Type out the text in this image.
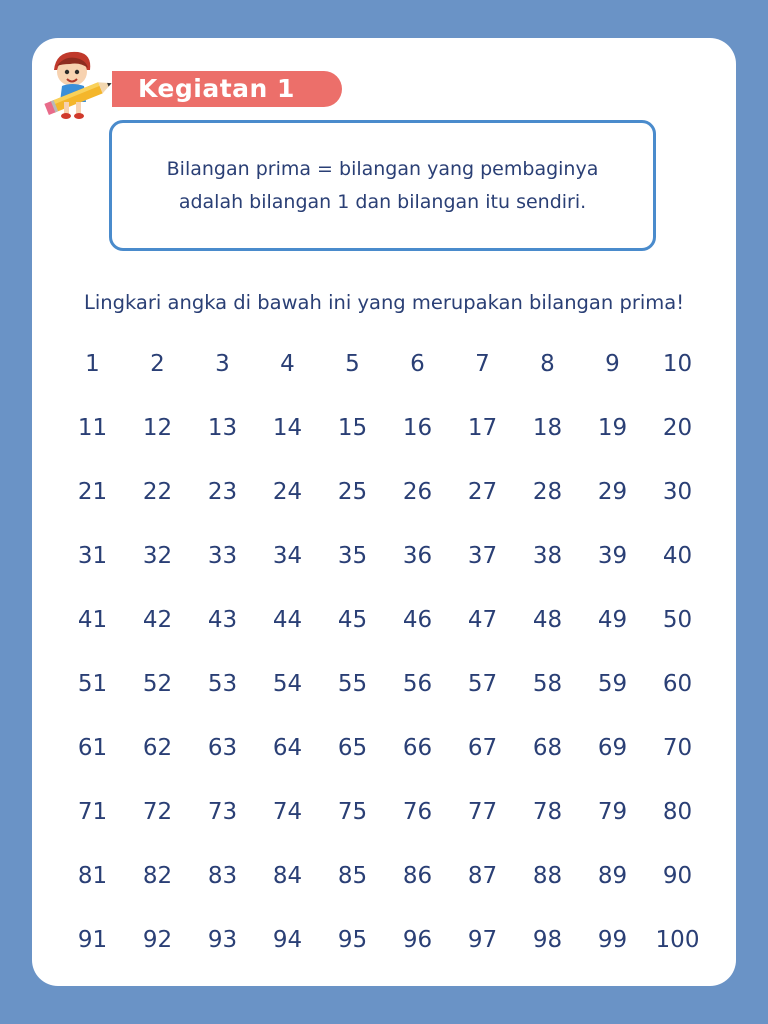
Kegiatan 1
Bilangan prima = bilangan yang pembaginya
adalah bilangan 1 dan bilangan itu sendiri.
Lingkari angka di bawah ini yang merupakan bilangan prima!
1	2	3	4	5	6	7	8	9	10
11	12	13	14	15	16	17	18	19	20
21	22	23	24	25	26	27	28	29	30
31	32	33	34	35	36	37	38	39	40
41	42	43	44	45	46	47	48	49	50
51	52	53	54	55	56	57	58	59	60
61	62	63	64	65	66	67	68	69	70
71	72	73	74	75	76	77	78	79	80
81	82	83	84	85	86	87	88	89	90
91	92	93	94	95	96	97	98	99	100
